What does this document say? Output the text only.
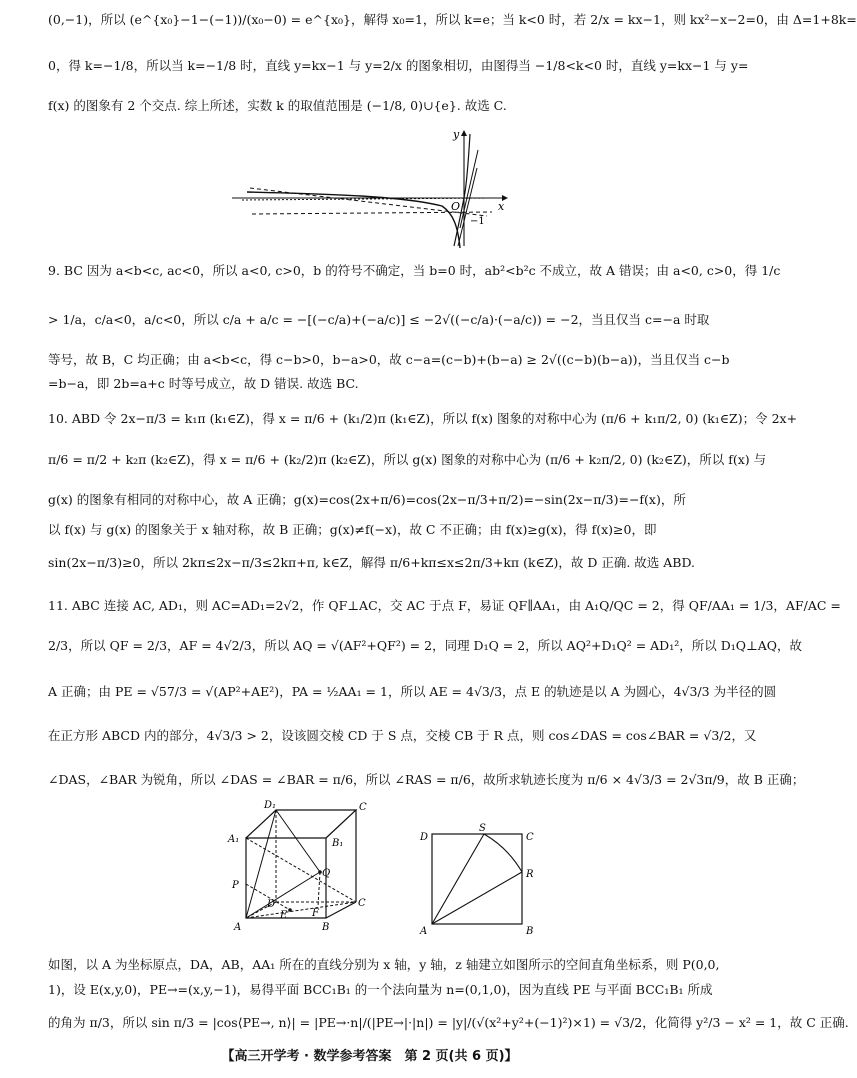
(0,−1)，所以 (e^{x₀}−1−(−1))/(x₀−0) = e^{x₀}，解得 x₀=1，所以 k=e；当 k<0 时，若 2/x = kx−1，则 kx²−x−2=0，由 Δ=1+8k=
0，得 k=−1/8，所以当 k=−1/8 时，直线 y=kx−1 与 y=2/x 的图象相切，由图得当 −1/8<k<0 时，直线 y=kx−1 与 y=
f(x) 的图象有 2 个交点. 综上所述，实数 k 的取值范围是 (−1/8, 0)∪{e}. 故选 C.
9. BC 因为 a<b<c, ac<0，所以 a<0, c>0，b 的符号不确定，当 b=0 时，ab²<b²c 不成立，故 A 错误；由 a<0, c>0，得 1/c
> 1/a，c/a<0，a/c<0，所以 c/a + a/c = −[(−c/a)+(−a/c)] ≤ −2√((−c/a)·(−a/c)) = −2，当且仅当 c=−a 时取
等号，故 B，C 均正确；由 a<b<c，得 c−b>0，b−a>0，故 c−a=(c−b)+(b−a) ≥ 2√((c−b)(b−a))，当且仅当 c−b
=b−a，即 2b=a+c 时等号成立，故 D 错误. 故选 BC.
10. ABD 令 2x−π/3 = k₁π (k₁∈Z)，得 x = π/6 + (k₁/2)π (k₁∈Z)，所以 f(x) 图象的对称中心为 (π/6 + k₁π/2, 0) (k₁∈Z)；令 2x+
π/6 = π/2 + k₂π (k₂∈Z)，得 x = π/6 + (k₂/2)π (k₂∈Z)，所以 g(x) 图象的对称中心为 (π/6 + k₂π/2, 0) (k₂∈Z)，所以 f(x) 与
g(x) 的图象有相同的对称中心，故 A 正确；g(x)=cos(2x+π/6)=cos(2x−π/3+π/2)=−sin(2x−π/3)=−f(x)，所
以 f(x) 与 g(x) 的图象关于 x 轴对称，故 B 正确；g(x)≠f(−x)，故 C 不正确；由 f(x)≥g(x)，得 f(x)≥0，即
sin(2x−π/3)≥0，所以 2kπ≤2x−π/3≤2kπ+π, k∈Z，解得 π/6+kπ≤x≤2π/3+kπ (k∈Z)，故 D 正确. 故选 ABD.
11. ABC 连接 AC, AD₁，则 AC=AD₁=2√2，作 QF⊥AC，交 AC 于点 F，易证 QF∥AA₁，由 A₁Q/QC = 2，得 QF/AA₁ = 1/3，AF/AC =
2/3，所以 QF = 2/3，AF = 4√2/3，所以 AQ = √(AF²+QF²) = 2，同理 D₁Q = 2，所以 AQ²+D₁Q² = AD₁²，所以 D₁Q⊥AQ，故
A 正确；由 PE = √57/3 = √(AP²+AE²)，PA = ½AA₁ = 1，所以 AE = 4√3/3，点 E 的轨迹是以 A 为圆心，4√3/3 为半径的圆
在正方形 ABCD 内的部分，4√3/3 > 2，设该圆交棱 CD 于 S 点，交棱 CB 于 R 点，则 cos∠DAS = cos∠BAR = √3/2，又
∠DAS，∠BAR 为锐角，所以 ∠DAS = ∠BAR = π/6，所以 ∠RAS = π/6，故所求轨迹长度为 π/6 × 4√3/3 = 2√3π/9，故 B 正确；
如图，以 A 为坐标原点，DA，AB，AA₁ 所在的直线分别为 x 轴，y 轴，z 轴建立如图所示的空间直角坐标系，则 P(0,0,
1)，设 E(x,y,0)，PE→=(x,y,−1)，易得平面 BCC₁B₁ 的一个法向量为 n=(0,1,0)，因为直线 PE 与平面 BCC₁B₁ 所成
的角为 π/3，所以 sin π/3 = |cos⟨PE→, n⟩| = |PE→·n|/(|PE→|·|n|) = |y|/(√(x²+y²+(−1)²)×1) = √3/2，化简得 y²/3 − x² = 1，故 C 正确.
y
x
O
−1
D₁	C
A₁	B₁
P
Q
D	C
A	B
E F
D
S
C
R
A	B
【高三开学考 · 数学参考答案　第 2 页(共 6 页)】
